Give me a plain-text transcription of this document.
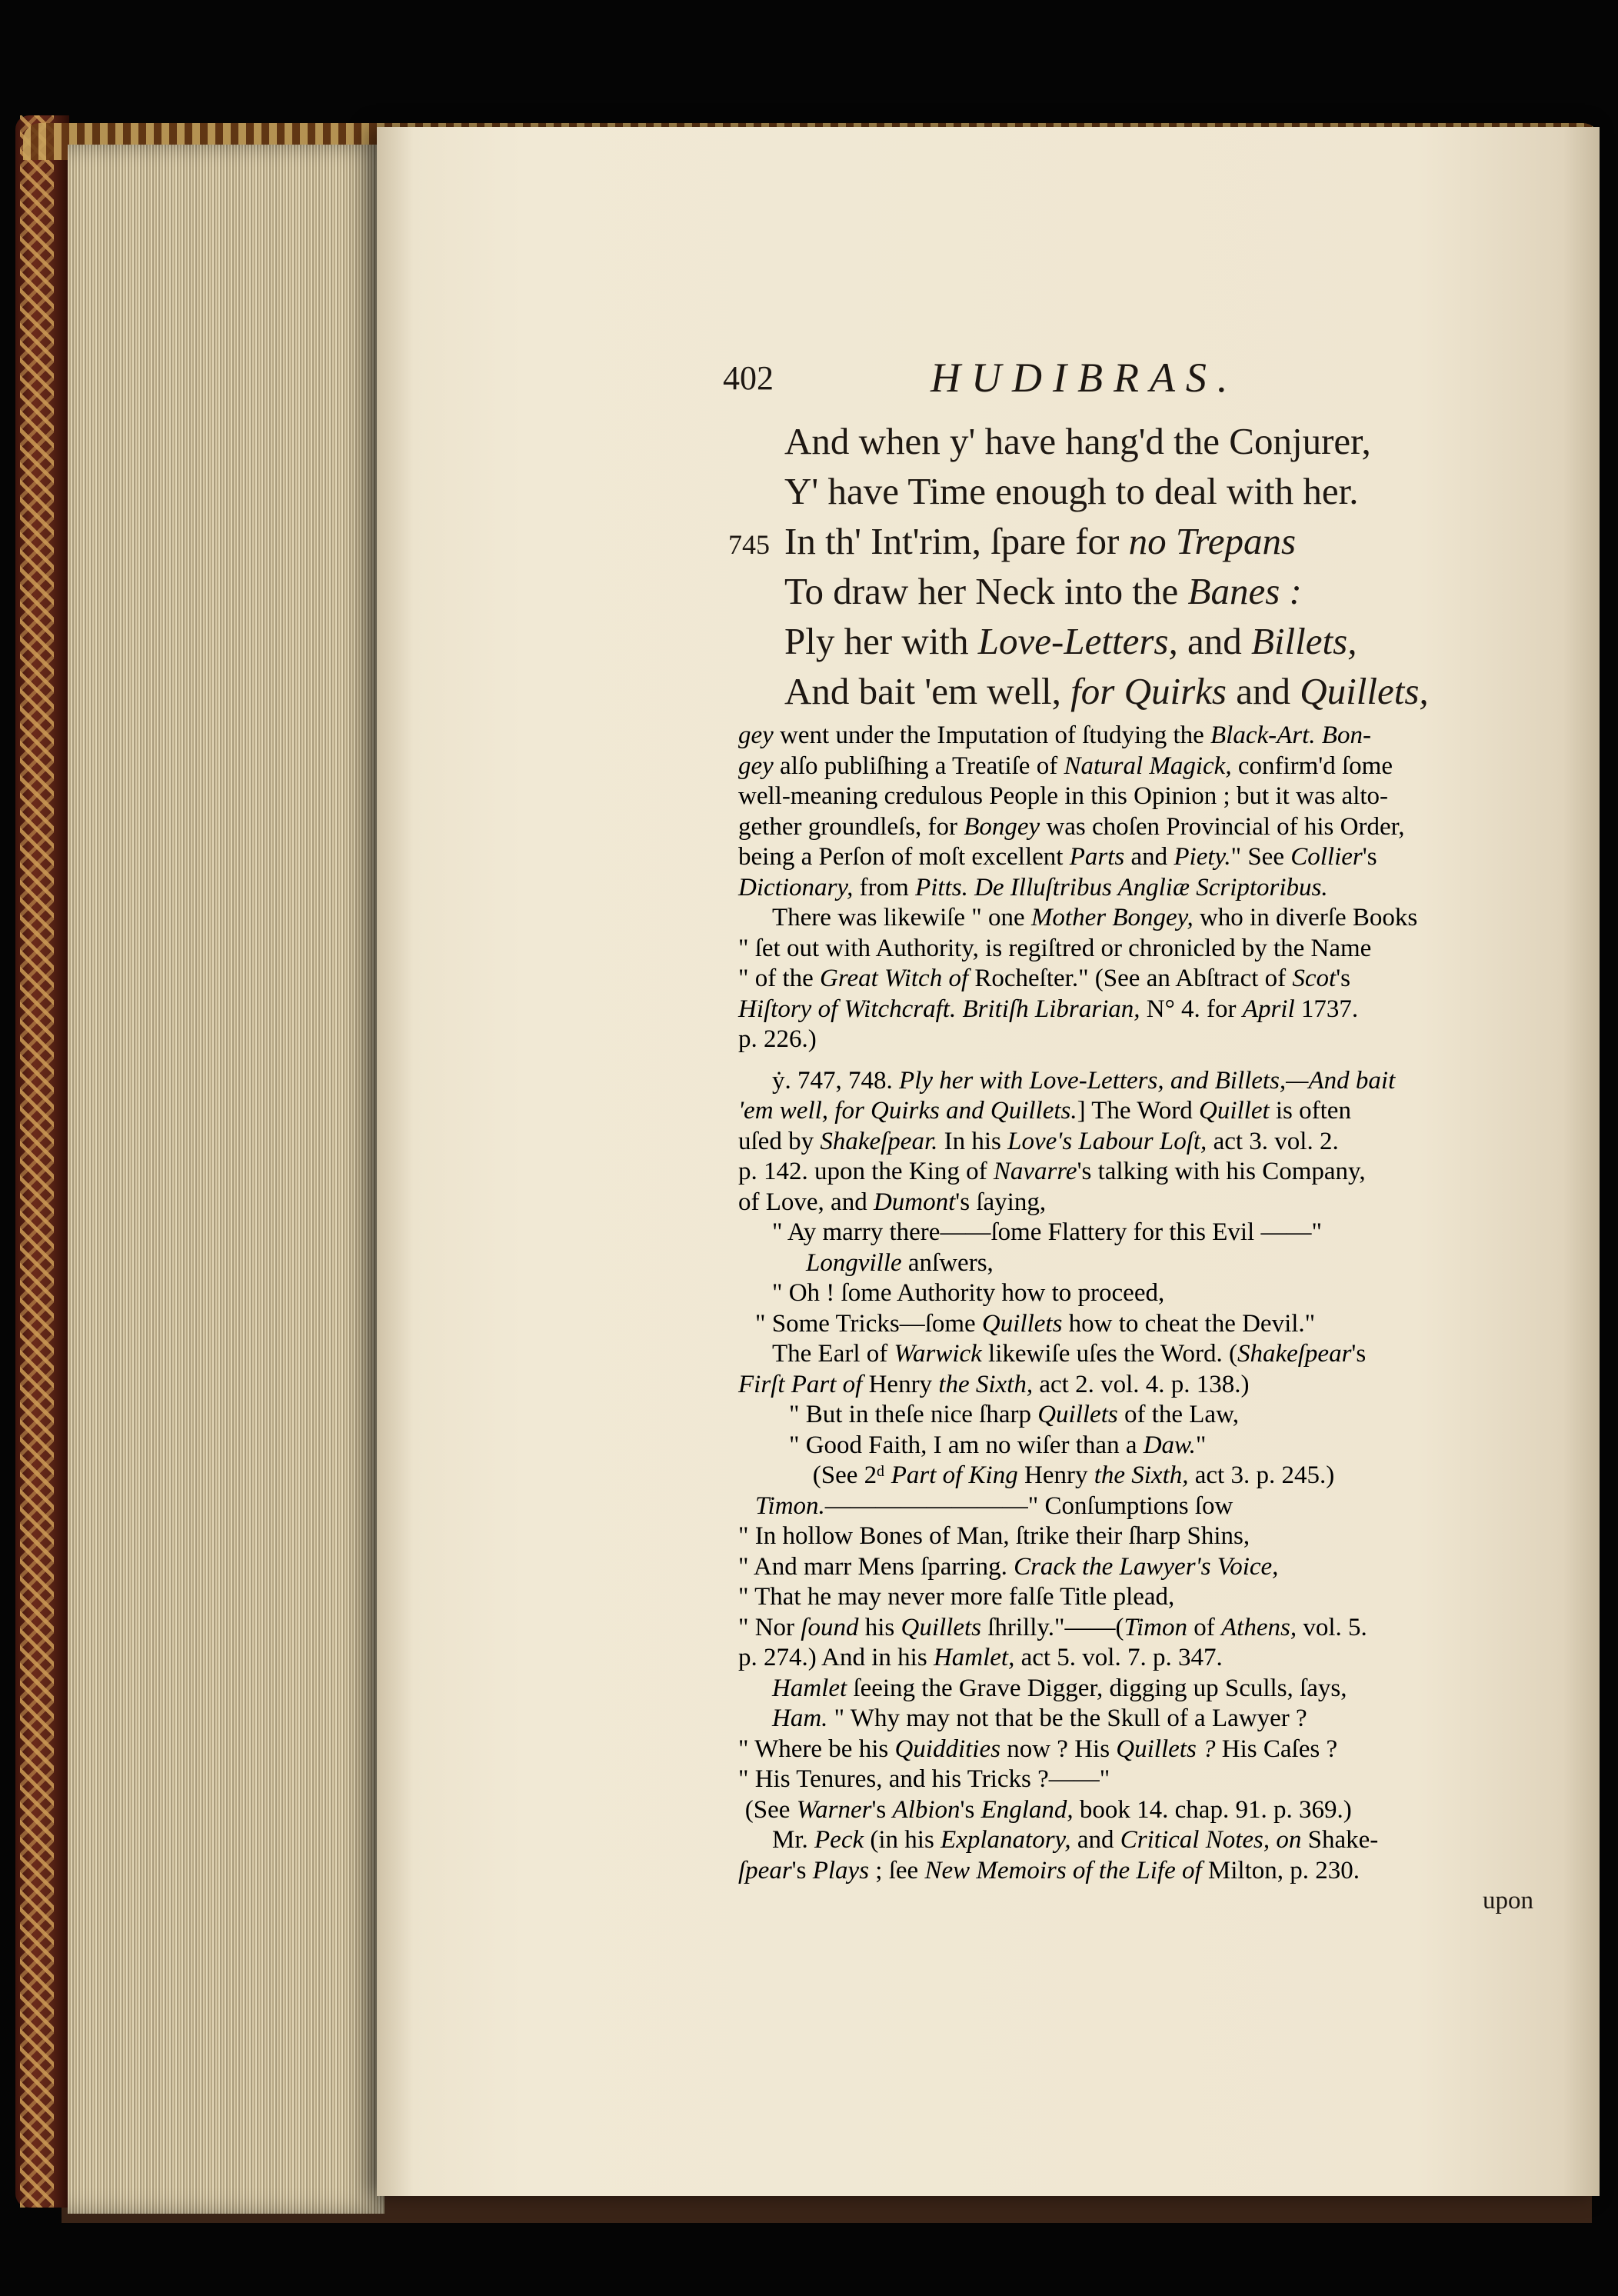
402	HUDIBRAS.
And when y' have hang'd the Conjurer,
Y' have Time enough to deal with her.
In th' Int'rim, ſpare for no Trepans
To draw her Neck into the Banes :
Ply her with Love-Letters, and Billets,
And bait 'em well, for Quirks and Quillets,
upon
745
gey went under the Imputation of ſtudying the Black-Art. Bon-
gey alſo publiſhing a Treatiſe of Natural Magick, confirm'd ſome
well-meaning credulous People in this Opinion ; but it was alto-
gether groundleſs, for Bongey was choſen Provincial of his Order,
being a Perſon of moſt excellent Parts and Piety." See Collier's
Dictionary, from Pitts. De Illuſtribus Angliæ Scriptoribus.
There was likewiſe " one Mother Bongey, who in diverſe Books
" ſet out with Authority, is regiſtred or chronicled by the Name
" of the Great Witch of Rocheſter." (See an Abſtract of Scot's
Hiſtory of Witchcraft. Britiſh Librarian, N° 4. for April 1737.
p. 226.)
ẏ. 747, 748. Ply her with Love-Letters, and Billets,—And bait
'em well, for Quirks and Quillets.] The Word Quillet is often
uſed by Shakeſpear. In his Love's Labour Loſt, act 3. vol. 2.
p. 142. upon the King of Navarre's talking with his Company,
of Love, and Dumont's ſaying,
" Ay marry there——ſome Flattery for this Evil ——"
Longville anſwers,
" Oh ! ſome Authority how to proceed,
" Some Tricks—ſome Quillets how to cheat the Devil."
The Earl of Warwick likewiſe uſes the Word. (Shakeſpear's
Firſt Part of Henry the Sixth, act 2. vol. 4. p. 138.)
" But in theſe nice ſharp Quillets of the Law,
" Good Faith, I am no wiſer than a Daw."
(See 2ᵈ Part of King Henry the Sixth, act 3. p. 245.)
Timon.————————" Conſumptions ſow
" In hollow Bones of Man, ſtrike their ſharp Shins,
" And marr Mens ſparring. Crack the Lawyer's Voice,
" That he may never more falſe Title plead,
" Nor ſound his Quillets ſhrilly."——(Timon of Athens, vol. 5.
p. 274.) And in his Hamlet, act 5. vol. 7. p. 347.
Hamlet ſeeing the Grave Digger, digging up Sculls, ſays,
Ham. " Why may not that be the Skull of a Lawyer ?
" Where be his Quiddities now ? His Quillets ? His Caſes ?
" His Tenures, and his Tricks ?——"
(See Warner's Albion's England, book 14. chap. 91. p. 369.)
Mr. Peck (in his Explanatory, and Critical Notes, on Shake-
ſpear's Plays ; ſee New Memoirs of the Life of Milton, p. 230.
